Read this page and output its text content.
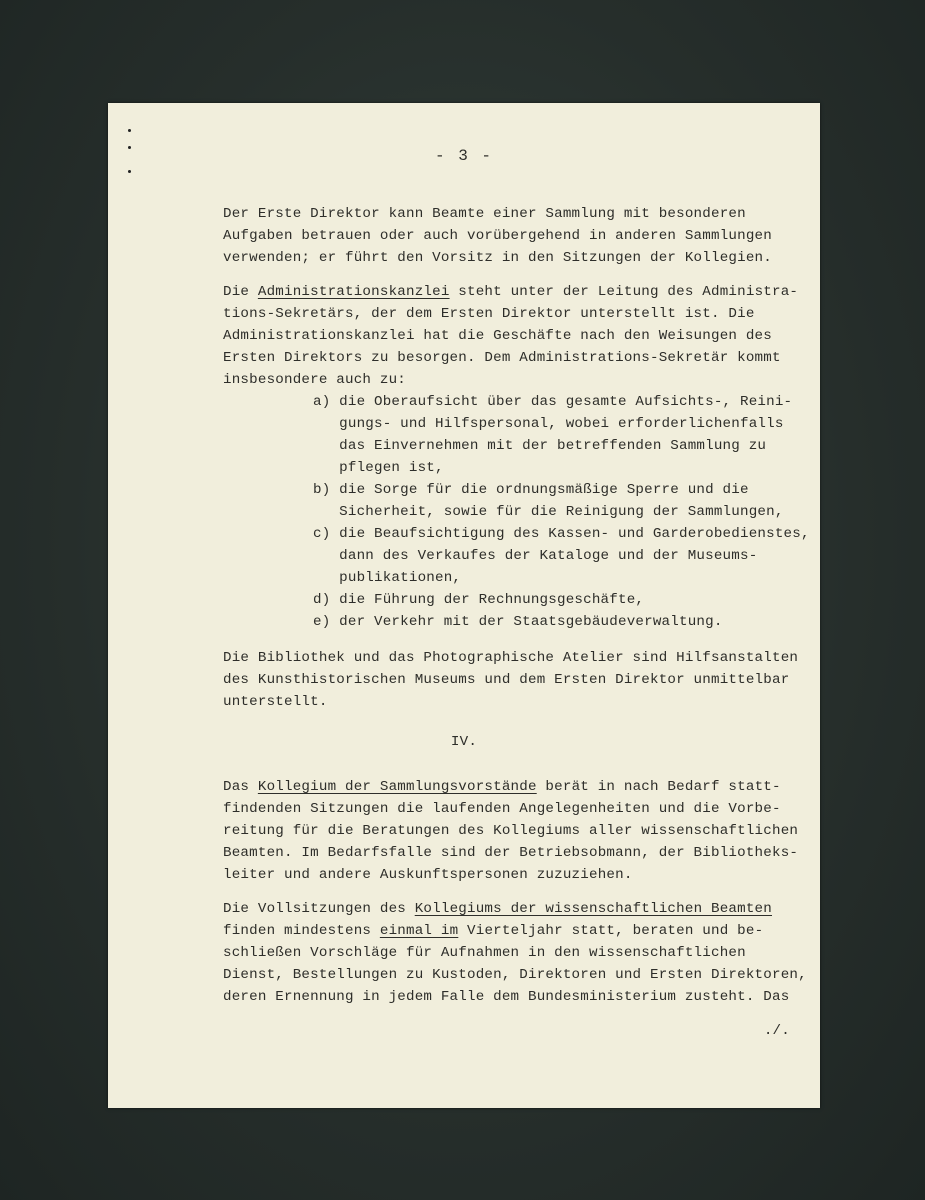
- 3 -
Der Erste Direktor kann Beamte einer Sammlung mit besonderen
Aufgaben betrauen oder auch vorübergehend in anderen Sammlungen
verwenden; er führt den Vorsitz in den Sitzungen der Kollegien.
Die Administrationskanzlei steht unter der Leitung des Administra-
tions-Sekretärs, der dem Ersten Direktor unterstellt ist. Die
Administrationskanzlei hat die Geschäfte nach den Weisungen des
Ersten Direktors zu besorgen. Dem Administrations-Sekretär kommt
insbesondere auch zu:
a) die Oberaufsicht über das gesamte Aufsichts-, Reini-
gungs- und Hilfspersonal, wobei erforderlichenfalls
das Einvernehmen mit der betreffenden Sammlung zu
pflegen ist,
b) die Sorge für die ordnungsmäßige Sperre und die
Sicherheit, sowie für die Reinigung der Sammlungen,
c) die Beaufsichtigung des Kassen- und Garderobedienstes,
dann des Verkaufes der Kataloge und der Museums-
publikationen,
d) die Führung der Rechnungsgeschäfte,
e) der Verkehr mit der Staatsgebäudeverwaltung.
Die Bibliothek und das Photographische Atelier sind Hilfsanstalten
des Kunsthistorischen Museums und dem Ersten Direktor unmittelbar
unterstellt.
IV.
Das Kollegium der Sammlungsvorstände berät in nach Bedarf statt-
findenden Sitzungen die laufenden Angelegenheiten und die Vorbe-
reitung für die Beratungen des Kollegiums aller wissenschaftlichen
Beamten. Im Bedarfsfalle sind der Betriebsobmann, der Bibliotheks-
leiter und andere Auskunftspersonen zuzuziehen.
Die Vollsitzungen des Kollegiums der wissenschaftlichen Beamten
finden mindestens einmal im Vierteljahr statt, beraten und be-
schließen Vorschläge für Aufnahmen in den wissenschaftlichen
Dienst, Bestellungen zu Kustoden, Direktoren und Ersten Direktoren,
deren Ernennung in jedem Falle dem Bundesministerium zusteht. Das
./.
